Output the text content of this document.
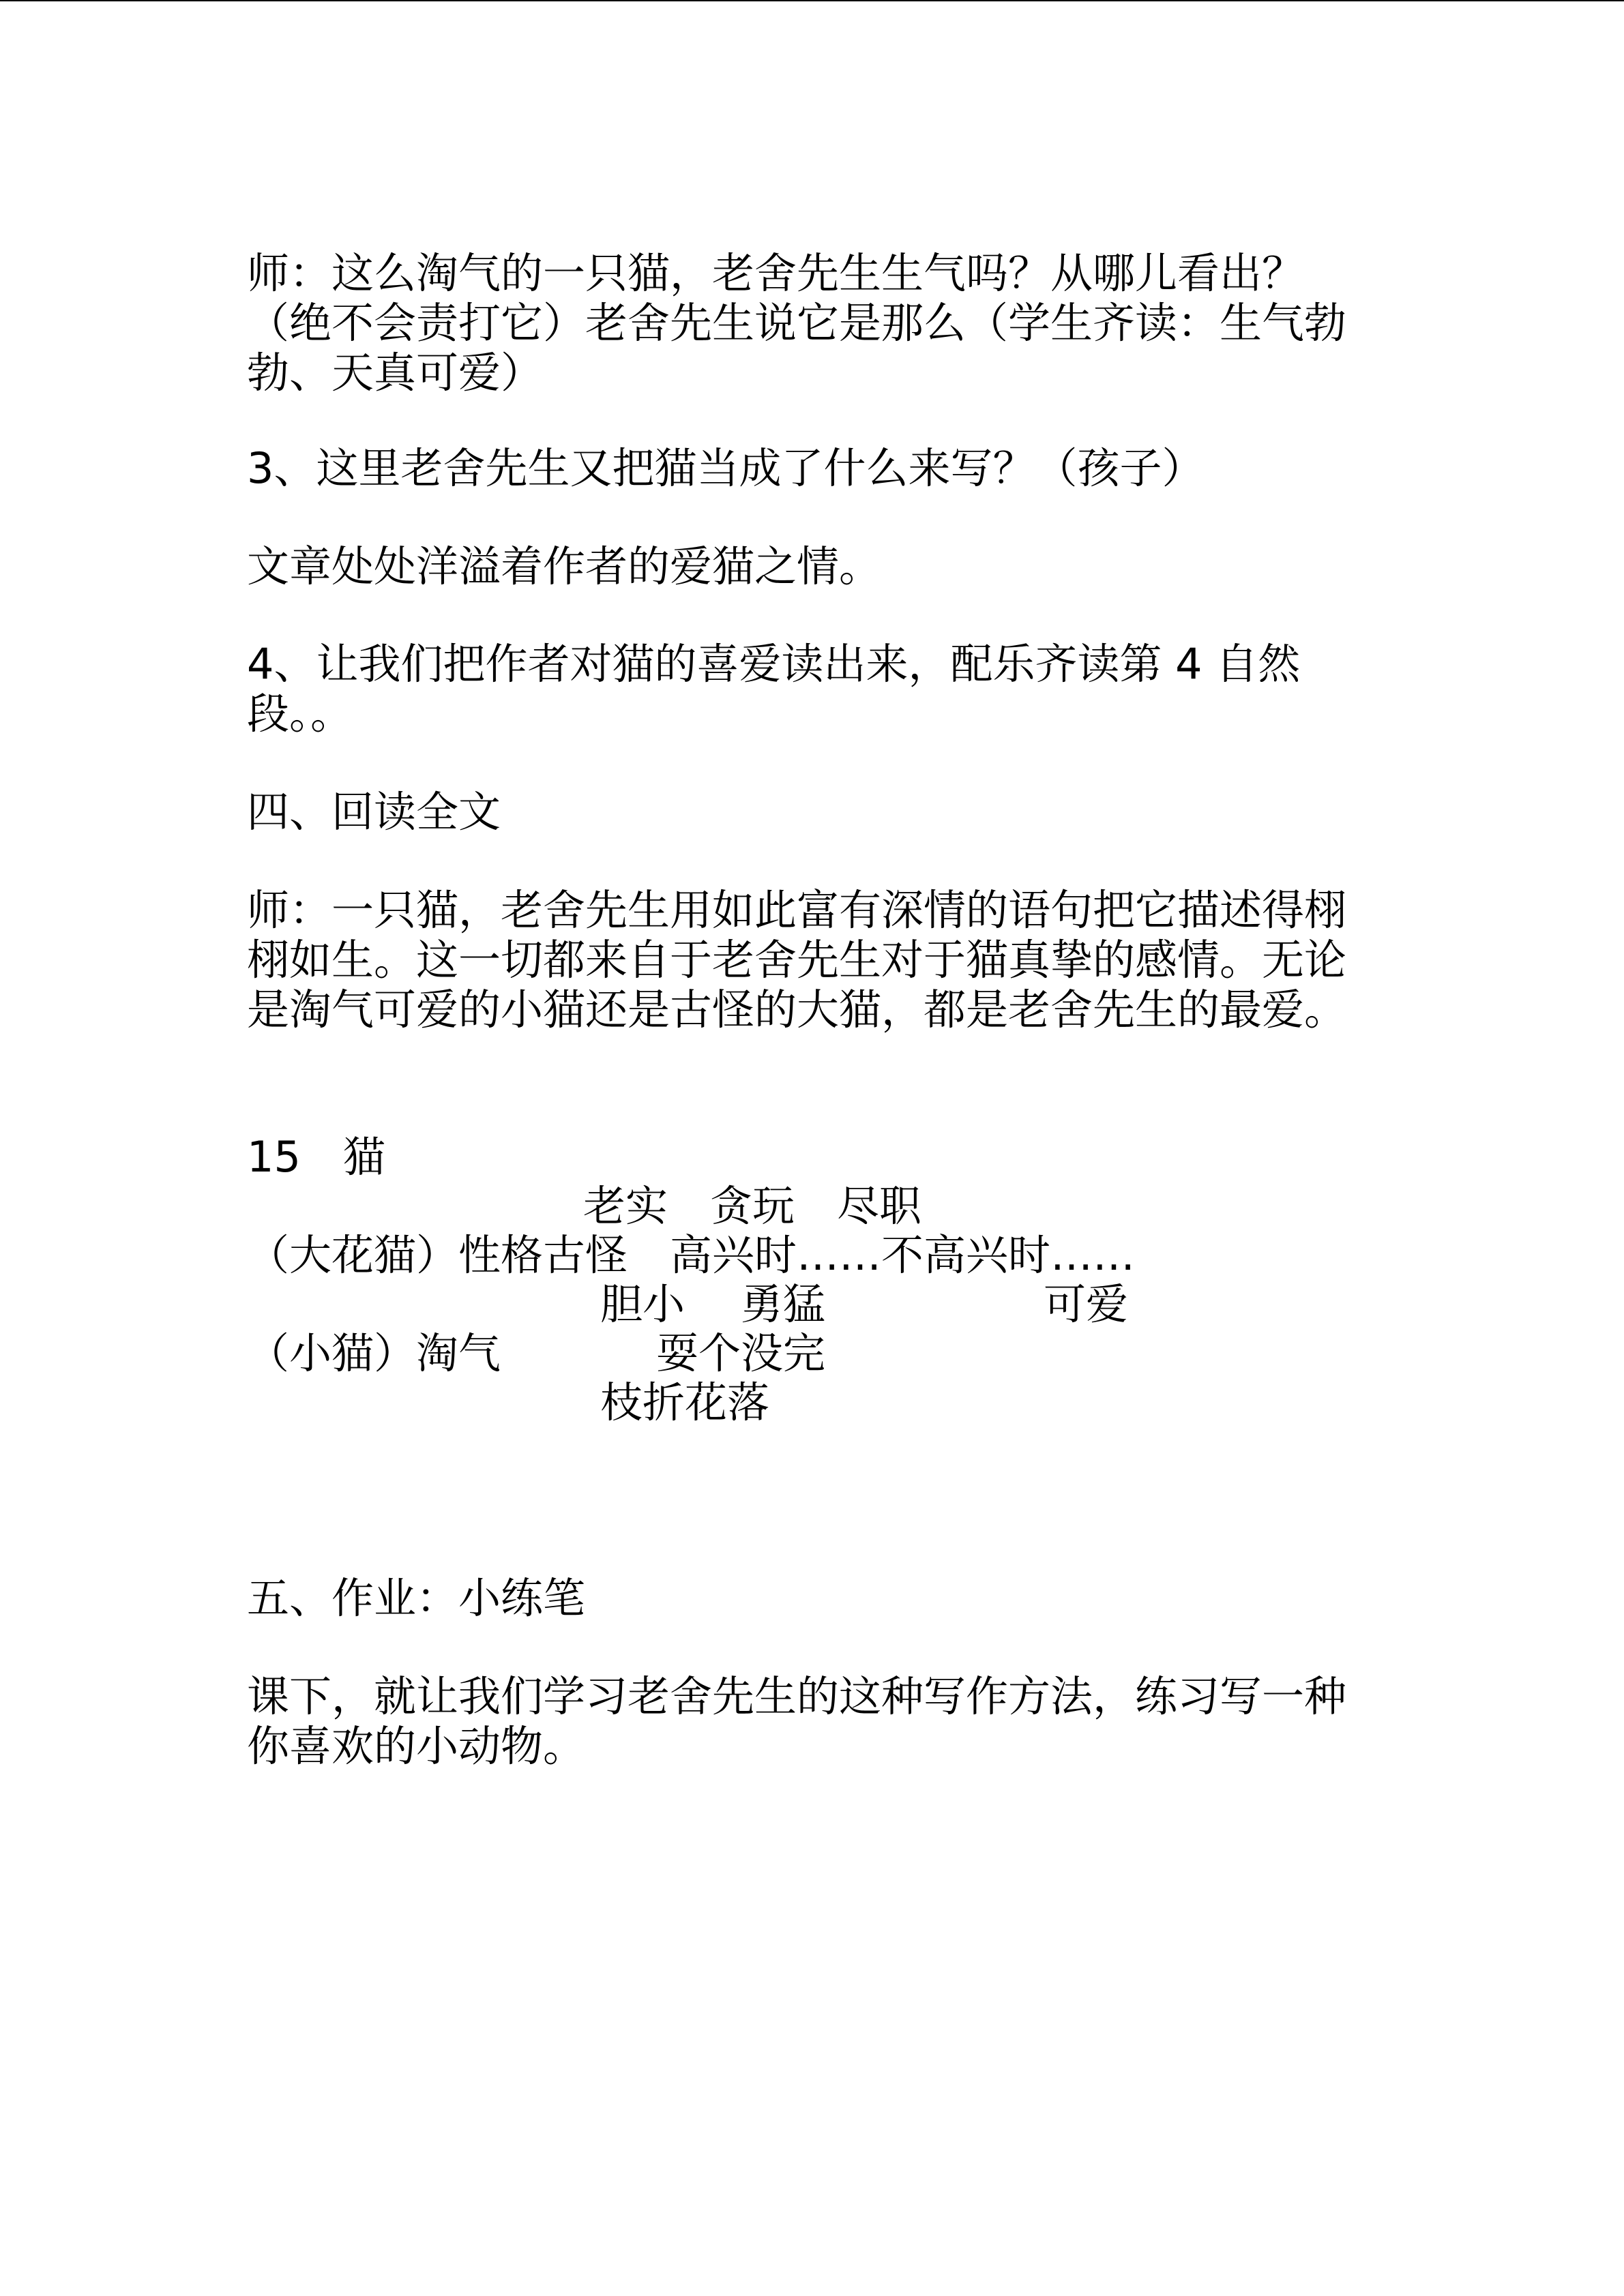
师：这么淘气的一只猫，老舍先生生气吗？从哪儿看出？（绝不会责打它）老舍先生说它是那么（学生齐读：生气勃勃、天真可爱）

3、这里老舍先生又把猫当成了什么来写？（孩子）

文章处处洋溢着作者的爱猫之情。

4、让我们把作者对猫的喜爱读出来，配乐齐读第 4 自然段。。

四、回读全文

师：一只猫，老舍先生用如此富有深情的语句把它描述得栩栩如生。这一切都来自于老舍先生对于猫真挚的感情。无论是淘气可爱的小猫还是古怪的大猫，都是老舍先生的最爱。

15　猫

老实　贪玩　尽职

（大花猫）性格古怪　高兴时……不高兴时……

胆小　 勇猛	可爱

（小猫）淘气	耍个没完

枝折花落

五、作业：小练笔

课下，就让我们学习老舍先生的这种写作方法，练习写一种你喜欢的小动物。
